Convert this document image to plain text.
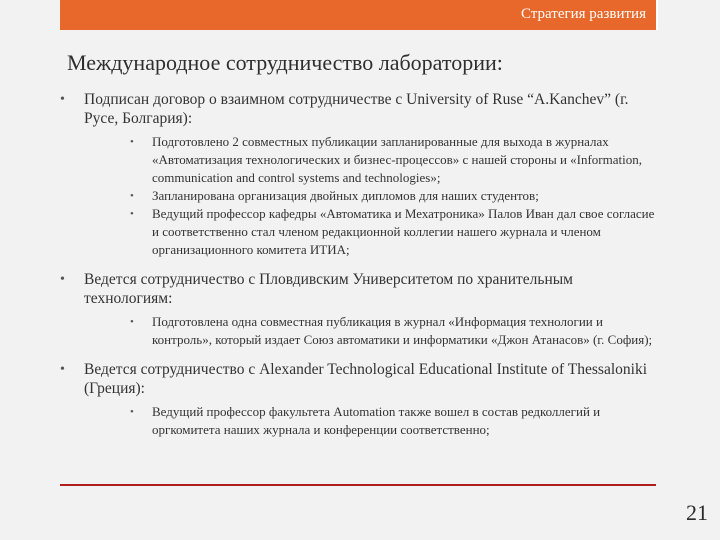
Стратегия развития
Международное сотрудничество лаборатории:
• Подписан договор о взаимном сотрудничестве с University of Ruse “A.Kanchev” (г. Русе, Болгария):
• Подготовлено 2 совместных публикации запланированные для выхода в журналах «Автоматизация технологических и бизнес-процессов» с нашей стороны и «Information, communication and control systems and technologies»;
• Запланирована организация двойных дипломов для наших студентов;
• Ведущий профессор кафедры «Автоматика и Мехатроника» Палов Иван дал свое согласие и соответственно стал членом редакционной коллегии нашего журнала и членом организационного комитета ИТИА;
• Ведется сотрудничество с Пловдивским Университетом по хранительным технологиям:
• Подготовлена одна совместная публикация в журнал «Информация технологии и контроль», который издает Союз автоматики и информатики «Джон Атанасов» (г. София);
• Ведется сотрудничество с Alexander Technological Educational Institute of Thessaloniki (Греция):
• Ведущий профессор факультета Automation также вошел в состав редколлегий и оргкомитета наших журнала и конференции соответственно;
21
